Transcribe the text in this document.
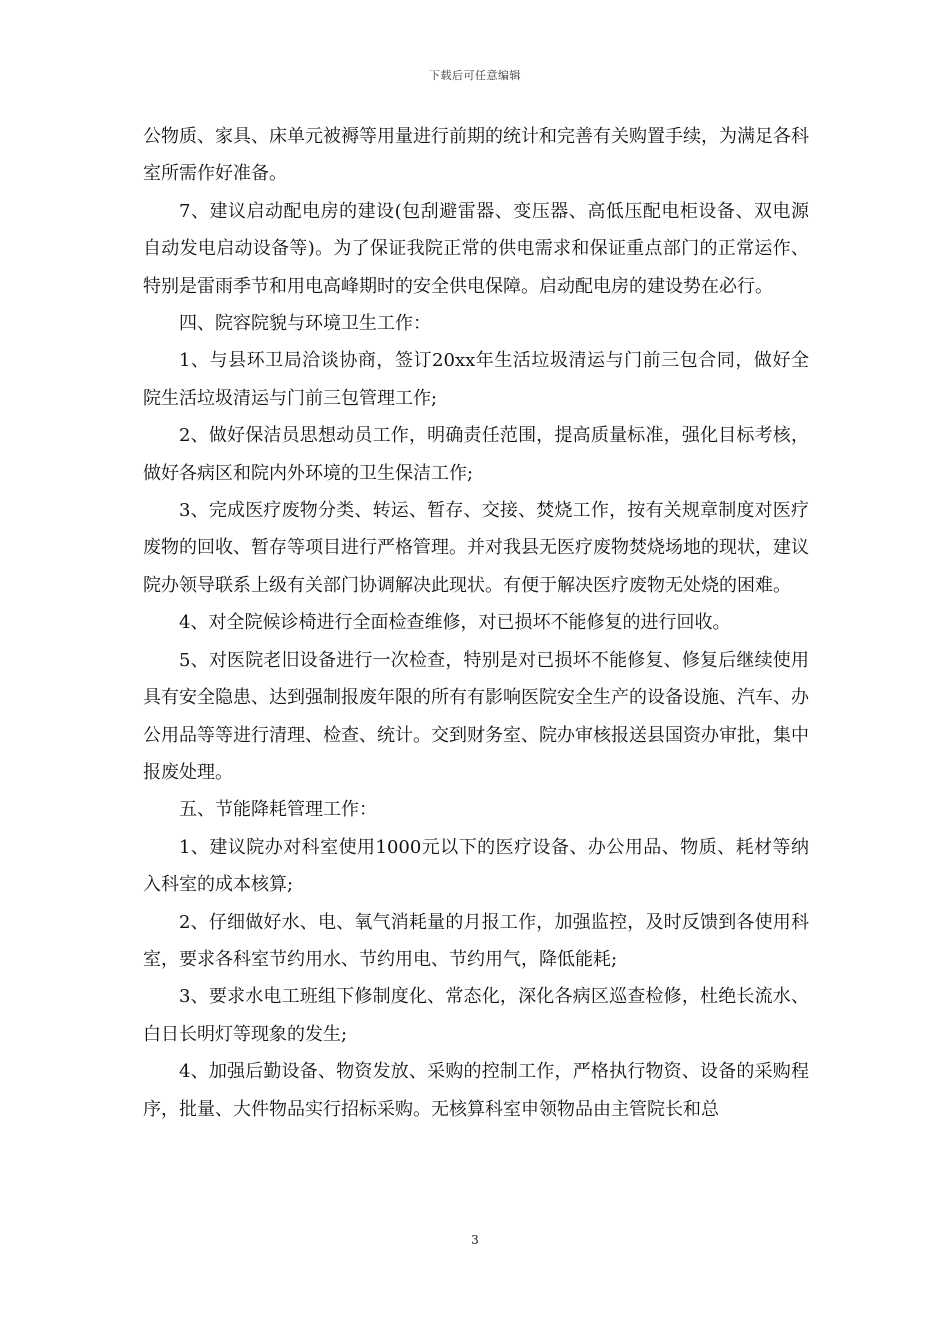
下载后可任意编辑

公物质、家具、床单元被褥等用量进行前期的统计和完善有关购置手续，为满足各科室所需作好准备。

7、建议启动配电房的建设(包刮避雷器、变压器、高低压配电柜设备、双电源自动发电启动设备等)。为了保证我院正常的供电需求和保证重点部门的正常运作、特别是雷雨季节和用电高峰期时的安全供电保障。启动配电房的建设势在必行。

四、院容院貌与环境卫生工作：

1、与县环卫局洽谈协商，签订20xx年生活垃圾清运与门前三包合同，做好全院生活垃圾清运与门前三包管理工作;

2、做好保洁员思想动员工作，明确责任范围，提高质量标准，强化目标考核，做好各病区和院内外环境的卫生保洁工作;

3、完成医疗废物分类、转运、暂存、交接、焚烧工作，按有关规章制度对医疗废物的回收、暂存等项目进行严格管理。并对我县无医疗废物焚烧场地的现状，建议院办领导联系上级有关部门协调解决此现状。有便于解决医疗废物无处烧的困难。

4、对全院候诊椅进行全面检查维修，对已损坏不能修复的进行回收。

5、对医院老旧设备进行一次检查，特别是对已损坏不能修复、修复后继续使用具有安全隐患、达到强制报废年限的所有有影响医院安全生产的设备设施、汽车、办公用品等等进行清理、检查、统计。交到财务室、院办审核报送县国资办审批，集中报废处理。

五、节能降耗管理工作：

1、建议院办对科室使用1000元以下的医疗设备、办公用品、物质、耗材等纳入科室的成本核算;

2、仔细做好水、电、氧气消耗量的月报工作，加强监控，及时反馈到各使用科室，要求各科室节约用水、节约用电、节约用气，降低能耗;

3、要求水电工班组下修制度化、常态化，深化各病区巡查检修，杜绝长流水、白日长明灯等现象的发生;

4、加强后勤设备、物资发放、采购的控制工作，严格执行物资、设备的采购程序，批量、大件物品实行招标采购。无核算科室申领物品由主管院长和总

3
